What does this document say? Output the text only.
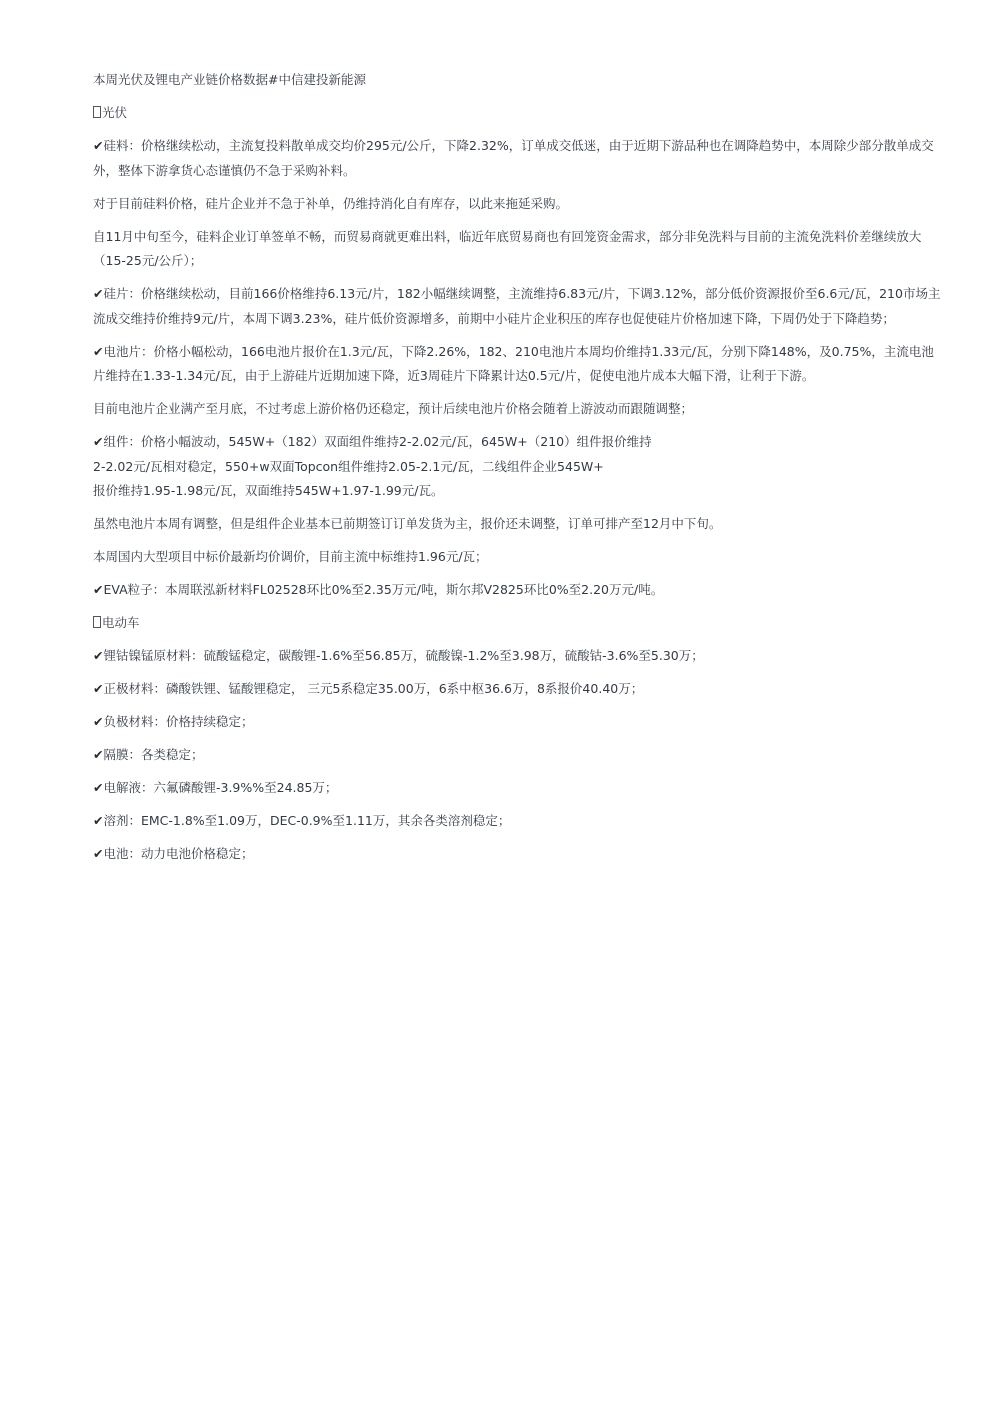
本周光伏及锂电产业链价格数据#中信建投新能源

光伏

✔硅料：价格继续松动，主流复投料散单成交均价295元/公斤，下降2.32%，订单成交低迷，由于近期下游品种也在调降趋势中，本周除少部分散单成交外，整体下游拿货心态谨慎仍不急于采购补料。

对于目前硅料价格，硅片企业并不急于补单，仍维持消化自有库存，以此来拖延采购。

自11月中旬至今，硅料企业订单签单不畅，而贸易商就更难出料，临近年底贸易商也有回笼资金需求，部分非免洗料与目前的主流免洗料价差继续放大（15-25元/公斤）；

✔硅片：价格继续松动，目前166价格维持6.13元/片，182小幅继续调整，主流维持6.83元/片，下调3.12%，部分低价资源报价至6.6元/瓦，210市场主流成交维持价维持9元/片，本周下调3.23%，硅片低价资源增多，前期中小硅片企业积压的库存也促使硅片价格加速下降，下周仍处于下降趋势；

✔电池片：价格小幅松动，166电池片报价在1.3元/瓦，下降2.26%，182、210电池片本周均价维持1.33元/瓦，分别下降148%，及0.75%，主流电池片维持在1.33-1.34元/瓦，由于上游硅片近期加速下降，近3周硅片下降累计达0.5元/片，促使电池片成本大幅下滑，让利于下游。

目前电池片企业满产至月底，不过考虑上游价格仍还稳定，预计后续电池片价格会随着上游波动而跟随调整；

✔组件：价格小幅波动，545W+（182）双面组件维持2-2.02元/瓦，645W+（210）组件报价维持
2-2.02元/瓦相对稳定，550+w双面Topcon组件维持2.05-2.1元/瓦，二线组件企业545W+
报价维持1.95-1.98元/瓦，双面维持545W+1.97-1.99元/瓦。

虽然电池片本周有调整，但是组件企业基本已前期签订订单发货为主，报价还未调整，订单可排产至12月中下旬。

本周国内大型项目中标价最新均价调价，目前主流中标维持1.96元/瓦；

✔EVA粒子：本周联泓新材料FL02528环比0%至2.35万元/吨，斯尔邦V2825环比0%至2.20万元/吨。

电动车

✔锂钴镍锰原材料：硫酸锰稳定，碳酸锂-1.6%至56.85万，硫酸镍-1.2%至3.98万，硫酸钴-3.6%至5.30万；

✔正极材料：磷酸铁锂、锰酸锂稳定， 三元5系稳定35.00万，6系中枢36.6万，8系报价40.40万；

✔负极材料：价格持续稳定；

✔隔膜：各类稳定；

✔电解液：六氟磷酸锂-3.9%%至24.85万；

✔溶剂：EMC-1.8%至1.09万，DEC-0.9%至1.11万，其余各类溶剂稳定；

✔电池：动力电池价格稳定；
